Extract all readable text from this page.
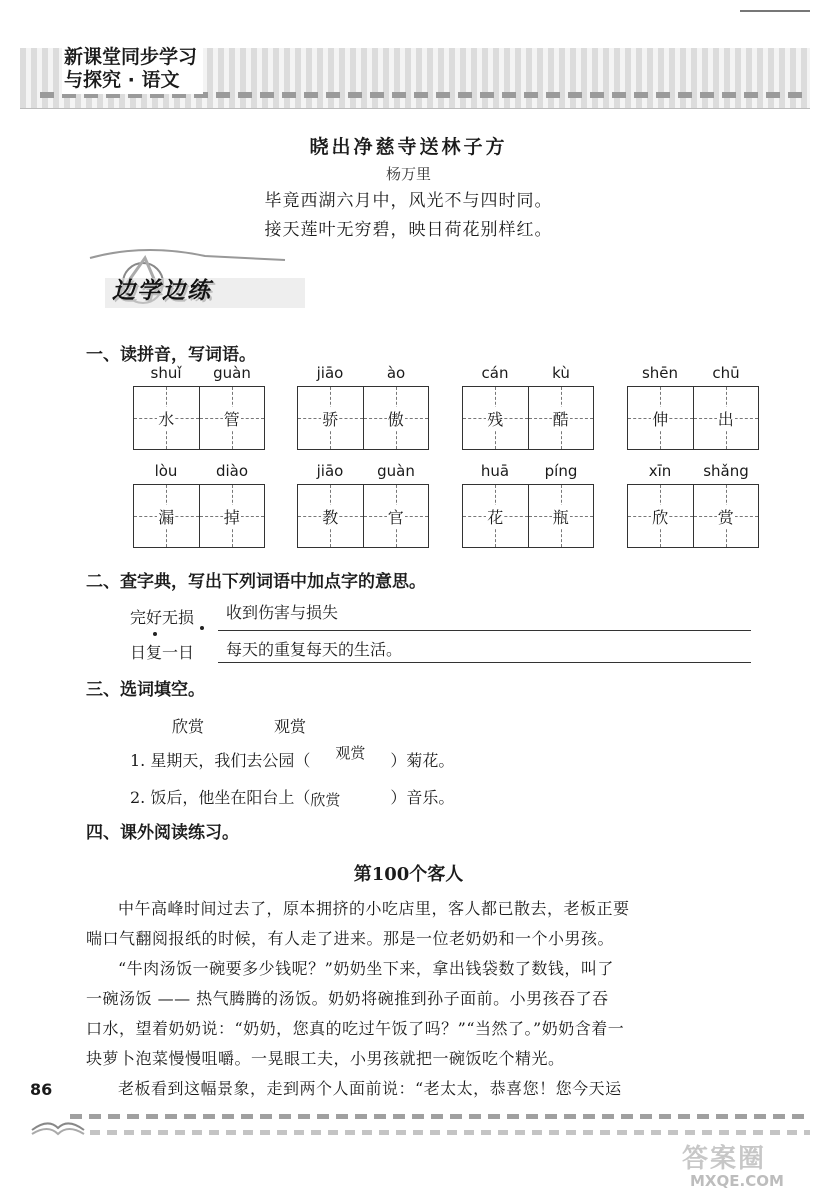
新课堂同步学习
与探究 · 语文
晓出净慈寺送林子方
杨万里
毕竟西湖六月中，风光不与四时同。
接天莲叶无穷碧，映日荷花别样红。
边学边练
一、读拼音，写词语。
shuǐ	guàn
水	管
jiāo	ào
骄	傲
cán	kù
残	酷
shēn	chū
伸	出
lòu	diào
漏	掉
jiāo	guàn
教	官
huā	píng
花	瓶
xīn	shǎng
欣	赏
二、查字典，写出下列词语中加点字的意思。
完好无损 收到伤害与损失
日复一日 每天的重复每天的生活。
三、选词填空。
欣赏	观赏
1. 星期天，我们去公园（ 观赏 ）菊花。
2. 饭后，他坐在阳台上（欣赏	）音乐。
四、课外阅读练习。
第100个客人
中午高峰时间过去了，原本拥挤的小吃店里，客人都已散去，老板正要
喘口气翻阅报纸的时候，有人走了进来。那是一位老奶奶和一个小男孩。
“牛肉汤饭一碗要多少钱呢？”奶奶坐下来，拿出钱袋数了数钱，叫了
一碗汤饭 —— 热气腾腾的汤饭。奶奶将碗推到孙子面前。小男孩吞了吞
口水，望着奶奶说：“奶奶，您真的吃过午饭了吗？”“当然了。”奶奶含着一
块萝卜泡菜慢慢咀嚼。一晃眼工夫，小男孩就把一碗饭吃个精光。
老板看到这幅景象，走到两个人面前说：“老太太，恭喜您！您今天运
86
答案圈
MXQE.COM
